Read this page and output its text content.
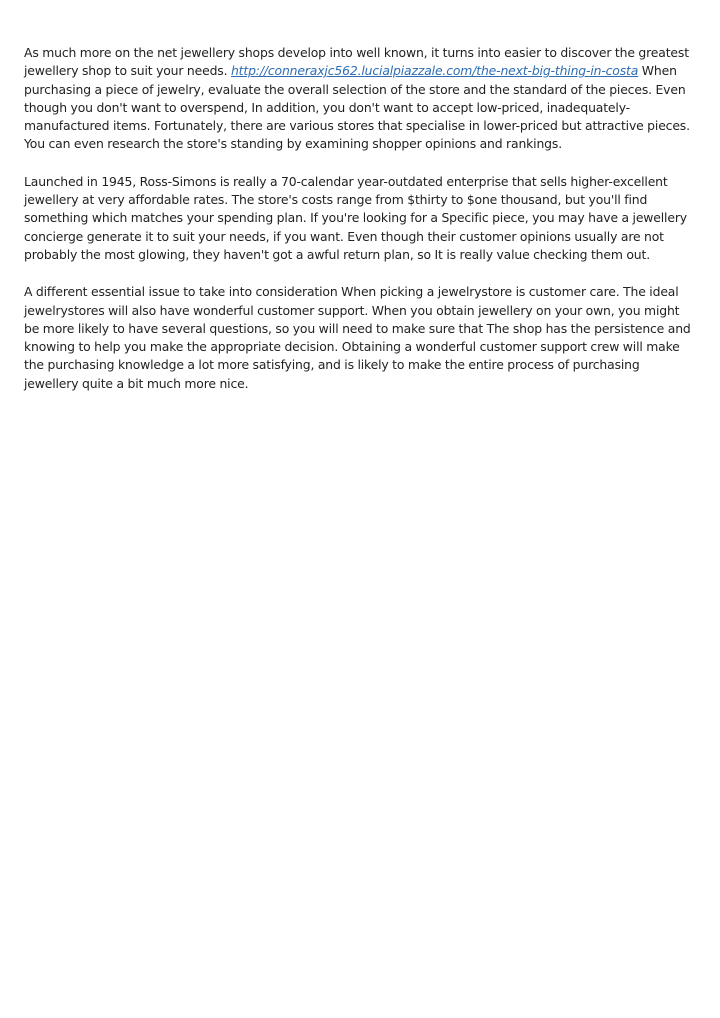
As much more on the net jewellery shops develop into well known, it turns into easier to discover the greatest jewellery shop to suit your needs. http://conneraxjc562.lucialpiazzale.com/the-next-big-thing-in-costa When purchasing a piece of jewelry, evaluate the overall selection of the store and the standard of the pieces. Even though you don't want to overspend, In addition, you don't want to accept low-priced, inadequately-manufactured items. Fortunately, there are various stores that specialise in lower-priced but attractive pieces. You can even research the store's standing by examining shopper opinions and rankings.

Launched in 1945, Ross-Simons is really a 70-calendar year-outdated enterprise that sells higher-excellent jewellery at very affordable rates. The store's costs range from $thirty to $one thousand, but you'll find something which matches your spending plan. If you're looking for a Specific piece, you may have a jewellery concierge generate it to suit your needs, if you want. Even though their customer opinions usually are not probably the most glowing, they haven't got a awful return plan, so It is really value checking them out.

A different essential issue to take into consideration When picking a jewelrystore is customer care. The ideal jewelrystores will also have wonderful customer support. When you obtain jewellery on your own, you might be more likely to have several questions, so you will need to make sure that The shop has the persistence and knowing to help you make the appropriate decision. Obtaining a wonderful customer support crew will make the purchasing knowledge a lot more satisfying, and is likely to make the entire process of purchasing jewellery quite a bit much more nice.
